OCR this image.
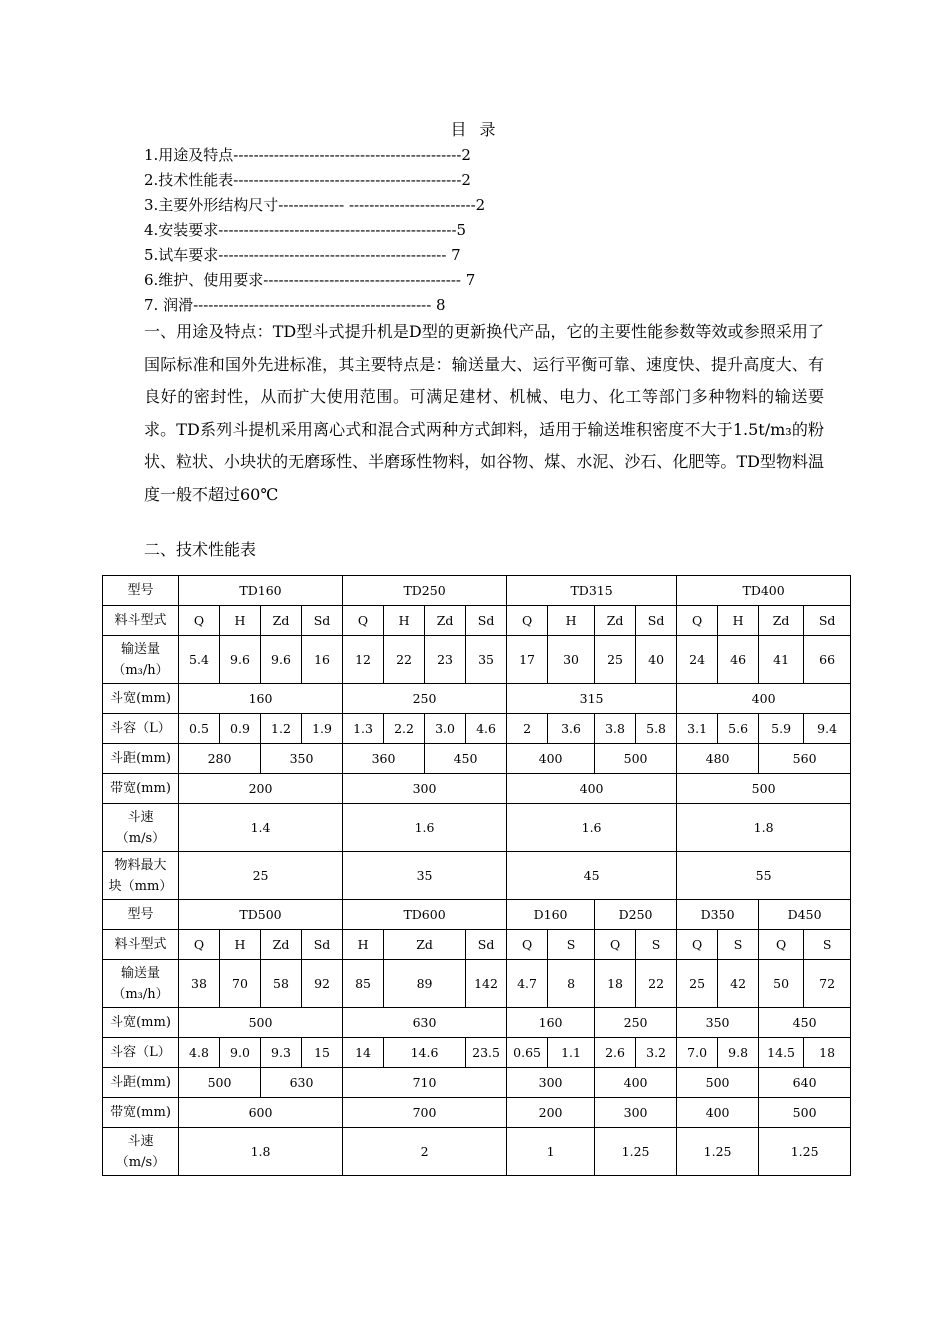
目 录
1.用途及特点---------------------------------------------2
2.技术性能表---------------------------------------------2
3.主要外形结构尺寸------------- -------------------------2
4.安装要求-----------------------------------------------5
5.试车要求--------------------------------------------- 7
6.维护、使用要求--------------------------------------- 7
7. 润滑----------------------------------------------- 8
一、用途及特点：TD型斗式提升机是D型的更新换代产品，它的主要性能参数等效或参照采用了国际标准和国外先进标准，其主要特点是：输送量大、运行平衡可靠、速度快、提升高度大、有良好的密封性，从而扩大使用范围。可满足建材、机械、电力、化工等部门多种物料的输送要求。TD系列斗提机采用离心式和混合式两种方式卸料，适用于输送堆积密度不大于1.5t/m₃的粉状、粒状、小块状的无磨琢性、半磨琢性物料，如谷物、煤、水泥、沙石、化肥等。TD型物料温度一般不超过60℃
二、技术性能表
型号	TD160				TD250				TD315				TD400			
料斗型式	Q	H	Zd	Sd	Q	H	Zd	Sd	Q	H	Zd	Sd	Q	H	Zd	Sd
输送量
（m₃/h）	5.4	9.6	9.6	16	12	22	23	35	17	30	25	40	24	46	41	66
斗宽(mm)	160				250				315				400			
斗容（L）	0.5	0.9	1.2	1.9	1.3	2.2	3.0	4.6	2	3.6	3.8	5.8	3.1	5.6	5.9	9.4
斗距(mm)	280		350		360		450		400		500		480		560	
带宽(mm)	200				300				400				500			
斗速
（m/s）	1.4				1.6				1.6				1.8			
物料最大
块（mm）	25				35				45				55			
型号	TD500				TD600				D160		D250		D350		D450	
料斗型式	Q	H	Zd	Sd	H	Zd		Sd	Q	S	Q	S	Q	S	Q	S
输送量
（m₃/h）	38	70	58	92	85	89		142	4.7	8	18	22	25	42	50	72
斗宽(mm)	500				630				160		250		350		450	
斗容（L）	4.8	9.0	9.3	15	14	14.6		23.5	0.65	1.1	2.6	3.2	7.0	9.8	14.5	18
斗距(mm)	500		630		710				300		400		500		640	
带宽(mm)	600				700				200		300		400		500	
斗速
（m/s）	1.8				2				1		1.25		1.25		1.25	
